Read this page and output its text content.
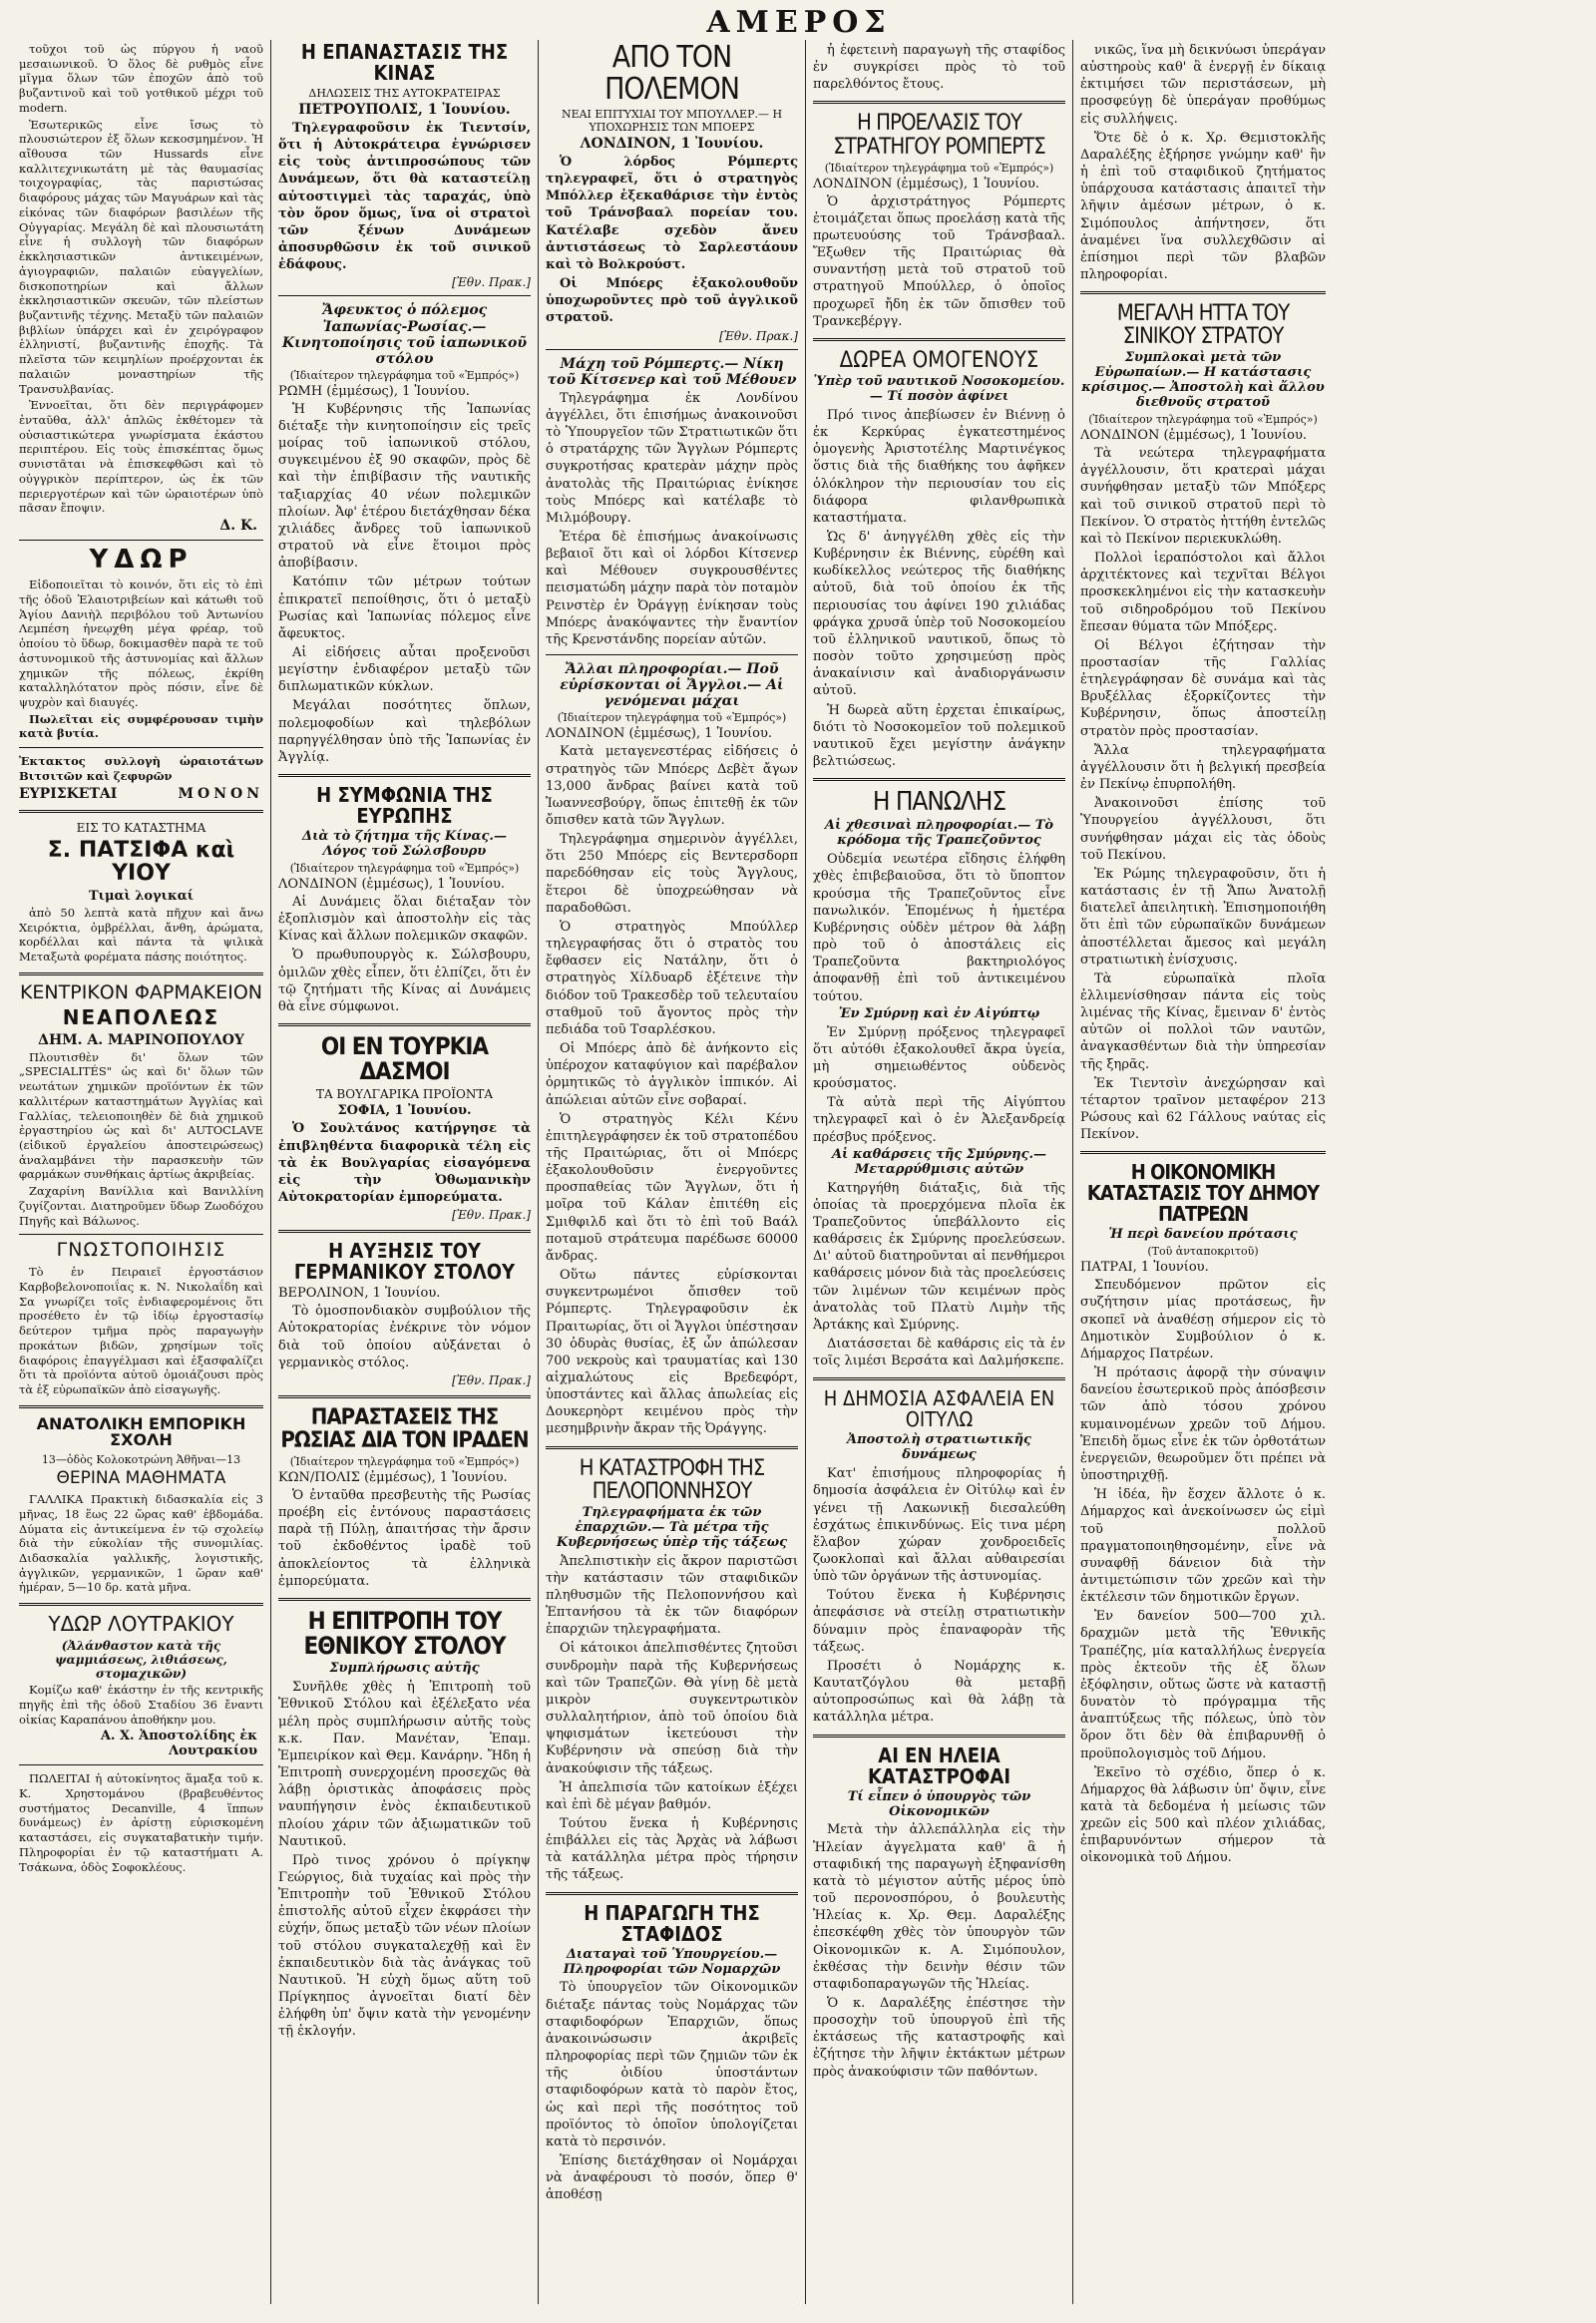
ΑΜΕΡΟΣ

τοῦχοι τοῦ ὡς πύργου ἡ ναοῦ μεσαιωνικοῦ. Ὁ ὅλος δὲ ρυθμὸς εἶνε μῖγμα ὅλων τῶν ἐποχῶν ἀπὸ τοῦ βυζαντινοῦ καὶ τοῦ γοτθικοῦ μέχρι τοῦ modern.

Ἐσωτερικῶς εἶνε ἴσως τὸ πλουσιώτερον ἐξ ὅλων κεκοσμημένον. Ἡ αἴθουσα τῶν Hussards εἶνε καλλιτεχνικωτάτη μὲ τὰς θαυμασίας τοιχογραφίας, τὰς παριστώσας διαφόρους μάχας τῶν Μαγυάρων καὶ τὰς εἰκόνας τῶν διαφόρων βασιλέων τῆς Οὐγγαρίας. Μεγάλη δὲ καὶ πλουσιωτάτη εἶνε ἡ συλλογὴ τῶν διαφόρων ἐκκλησιαστικῶν ἀντικειμένων, ἁγιογραφιῶν, παλαιῶν εὐαγγελίων, δισκοποτηρίων καὶ ἄλλων ἐκκλησιαστικῶν σκευῶν, τῶν πλείστων βυζαντινῆς τέχνης. Μεταξὺ τῶν παλαιῶν βιβλίων ὑπάρχει καὶ ἐν χειρόγραφον ἑλληνιστί, βυζαντινῆς ἐποχῆς. Τὰ πλεῖστα τῶν κειμηλίων προέρχονται ἐκ παλαιῶν μοναστηρίων τῆς Τρανσυλβανίας.

Ἐννοεῖται, ὅτι δὲν περιγράφομεν ἐνταῦθα, ἀλλ' ἁπλῶς ἐκθέτομεν τὰ οὐσιαστικώτερα γνωρίσματα ἑκάστου περιπτέρου. Εἰς τοὺς ἐπισκέπτας ὅμως συνιστᾶται νὰ ἐπισκεφθῶσι καὶ τὸ οὐγγρικὸν περίπτερον, ὡς ἐκ τῶν περιεργοτέρων καὶ τῶν ὡραιοτέρων ὑπὸ πᾶσαν ἔποψιν.

Δ. Κ.
ΥΔΩΡ

Εἰδοποιεῖται τὸ κοινόν, ὅτι εἰς τὸ ἐπὶ τῆς ὁδοῦ Ἐλαιοτριβείων καὶ κάτωθι τοῦ Ἁγίου Δανιὴλ περιβόλου τοῦ Ἀντωνίου Λεμπέση ἠνεῳχθη μέγα φρέαρ, τοῦ ὁποίου τὸ ὕδωρ, δοκιμασθὲν παρὰ τε τοῦ ἀστυνομικοῦ τῆς ἀστυνομίας καὶ ἄλλων χημικῶν τῆς πόλεως, ἐκρίθη καταλληλότατον πρὸς πόσιν, εἶνε δὲ ψυχρὸν καὶ διαυγές.

Πωλεῖται εἰς συμφέρουσαν τιμὴν κατὰ βυτία.

Ἐκτακτος συλλογὴ ὡραιοτάτων Βιτσιτῶν καὶ ζεφυρῶν

ΕΥΡΙΣΚΕΤΑΙ	ΜΟΝΟΝ
ΕΙΣ ΤΟ ΚΑΤΑΣΤΗΜΑ
Σ. ΠΑΤΣΙΦΑ καὶ ΥΙΟΥ
Τιμαὶ λογικαί

ἀπὸ 50 λεπτὰ κατὰ πῆχυν καὶ ἄνω Χειρόκτια, ὀμβρέλλαι, ἄνθη, ἀρώματα, κορδέλλαι καὶ πάντα τὰ ψιλικὰ Μεταξωτὰ φορέματα πάσης ποιότητος.

ΚΕΝΤΡΙΚΟΝ ΦΑΡΜΑΚΕΙΟΝ
ΝΕΑΠΟΛΕΩΣ
ΔΗΜ. Α. ΜΑΡΙΝΟΠΟΥΛΟΥ

Πλουτισθὲν δι' ὅλων τῶν „SPECIALITÉS" ὡς καὶ δι' ὅλων τῶν νεωτάτων χημικῶν προϊόντων ἐκ τῶν καλλιτέρων καταστημάτων Ἀγγλίας καὶ Γαλλίας, τελειοποιηθὲν δὲ διὰ χημικοῦ ἐργαστηρίου ὡς καὶ δι' AUTOCLAVE (εἰδικοῦ ἐργαλείου ἀποστειρώσεως) ἀναλαμβάνει τὴν παρασκευὴν τῶν φαρμάκων συνθήκαις ἀρτίως ἀκριβείας.

Ζαχαρίνη Βανίλλια καὶ Βανιλλίνη ζυγίζονται. Διατηροῦμεν ὕδωρ Ζωοδόχου Πηγῆς καὶ Βάλωνος.

ΓΝΩΣΤΟΠΟΙΗΣΙΣ

Τὸ ἐν Πειραιεῖ ἐργοστάσιον Καρβοβελονοποιΐας κ. Ν. Νικολαΐδη καὶ Σα γνωρίζει τοῖς ἐνδιαφερομένοις ὅτι προσέθετο ἐν τῷ ἰδίῳ ἐργοστασίῳ δεύτερον τμῆμα πρὸς παραγωγὴν προκάτων βιδῶν, χρησίμων τοῖς διαφόροις ἐπαγγέλμασι καὶ ἐξασφαλίζει ὅτι τὰ προϊόντα αὐτοῦ ὁμοιάζουσι πρὸς τὰ ἐξ εὐρωπαϊκῶν ἀπὸ εἰσαγωγῆς.

ΑΝΑΤΟΛΙΚΗ ΕΜΠΟΡΙΚΗ ΣΧΟΛΗ
13—ὁδὸς Κολοκοτρώνη Ἀθῆναι—13
ΘΕΡΙΝΑ ΜΑΘΗΜΑΤΑ

ΓΑΛΛΙΚΑ Πρακτικὴ διδασκαλία εἰς 3 μῆνας, 18 ἕως 22 ὥρας καθ' ἑβδομάδα. Δύματα εἰς ἀντικείμενα ἐν τῷ σχολείῳ διὰ τὴν εὐκολίαν τῆς συνομιλίας. Διδασκαλία γαλλικῆς, λογιστικῆς, ἀγγλικῶν, γερμανικῶν, 1 ὥραν καθ' ἡμέραν, 5—10 δρ. κατὰ μῆνα.

ΥΔΩΡ ΛΟΥΤΡΑΚΙΟΥ
(Ἀλάνθαστον κατὰ τῆς ψαμμιάσεως, λιθιάσεως, στομαχικῶν)

Κομίζω καθ' ἑκάστην ἐν τῆς κεντρικῆς πηγῆς ἐπὶ τῆς ὁδοῦ Σταδίου 36 ἔναντι οἰκίας Καραπάνου ἀποθήκην μου.

Α. Χ. Ἀποστολίδης ἐκ Λουτρακίου

ΠΩΛΕΙΤΑΙ ἡ αὐτοκίνητος ἅμαξα τοῦ κ. Κ. Χρηστομάνου (βραβευθέντος συστήματος Decanville, 4 ἵππων δυνάμεως) ἐν ἀρίστῃ εὑρισκομένη καταστάσει, εἰς συγκαταβατικὴν τιμήν. Πληροφορίαι ἐν τῷ καταστήματι Α. Τσάκωνα, ὁδὸς Σοφοκλέους.

Η ΕΠΑΝΑΣΤΑΣΙΣ ΤΗΣ ΚΙΝΑΣ
ΔΗΛΩΣΕΙΣ ΤΗΣ ΑΥΤΟΚΡΑΤΕΙΡΑΣ
ΠΕΤΡΟΥΠΟΛΙΣ, 1 Ἰουνίου.

Τηλεγραφοῦσιν ἐκ Τιεντσίν, ὅτι ἡ Αὐτοκράτειρα ἐγνώρισεν εἰς τοὺς ἀντιπροσώπους τῶν Δυνάμεων, ὅτι θὰ καταστείλῃ αὐτοστιγμεὶ τὰς ταραχάς, ὑπὸ τὸν ὅρον ὅμως, ἵνα οἱ στρατοὶ τῶν ξένων Δυνάμεων ἀποσυρθῶσιν ἐκ τοῦ σινικοῦ ἐδάφους.

[Ἐθν. Πρακ.]
Ἄφευκτος ὁ πόλεμος Ἰαπωνίας-Ρωσίας.— Κινητοποίησις τοῦ ἰαπωνικοῦ στόλου
(Ἰδιαίτερον τηλεγράφημα τοῦ «Ἐμπρός»)
ΡΩΜΗ (ἐμμέσως), 1 Ἰουνίου.

Ἡ Κυβέρνησις τῆς Ἰαπωνίας διέταξε τὴν κινητοποίησιν εἰς τρεῖς μοίρας τοῦ ἰαπωνικοῦ στόλου, συγκειμένου ἐξ 90 σκαφῶν, πρὸς δὲ καὶ τὴν ἐπιβίβασιν τῆς ναυτικῆς ταξιαρχίας 40 νέων πολεμικῶν πλοίων. Ἀφ' ἑτέρου διετάχθησαν δέκα χιλιάδες ἄνδρες τοῦ ἰαπωνικοῦ στρατοῦ νὰ εἶνε ἕτοιμοι πρὸς ἀποβίβασιν.

Κατόπιν τῶν μέτρων τούτων ἐπικρατεῖ πεποίθησις, ὅτι ὁ μεταξὺ Ρωσίας καὶ Ἰαπωνίας πόλεμος εἶνε ἄφευκτος.

Αἱ εἰδήσεις αὗται προξενοῦσι μεγίστην ἐνδιαφέρον μεταξὺ τῶν διπλωματικῶν κύκλων.

Μεγάλαι ποσότητες ὅπλων, πολεμοφοδίων καὶ τηλεβόλων παρηγγέλθησαν ὑπὸ τῆς Ἰαπωνίας ἐν Ἀγγλίᾳ.

Η ΣΥΜΦΩΝΙΑ ΤΗΣ ΕΥΡΩΠΗΣ
Διὰ τὸ ζήτημα τῆς Κίνας.— Λόγος τοῦ Σώλσβουρυ
(Ἰδιαίτερον τηλεγράφημα τοῦ «Ἐμπρός»)
ΛΟΝΔΙΝΟΝ (ἐμμέσως), 1 Ἰουνίου.

Αἱ Δυνάμεις ὅλαι διέταξαν τὸν ἐξοπλισμὸν καὶ ἀποστολὴν εἰς τὰς Κίνας καὶ ἄλλων πολεμικῶν σκαφῶν.

Ὁ πρωθυπουργὸς κ. Σώλσβουρυ, ὁμιλῶν χθὲς εἶπεν, ὅτι ἐλπίζει, ὅτι ἐν τῷ ζητήματι τῆς Κίνας αἱ Δυνάμεις θὰ εἶνε σύμφωνοι.

ΟΙ ΕΝ ΤΟΥΡΚΙΑ ΔΑΣΜΟΙ
ΤΑ ΒΟΥΛΓΑΡΙΚΑ ΠΡΟΪΟΝΤΑ
ΣΟΦΙΑ, 1 Ἰουνίου.

Ὁ Σουλτάνος κατήργησε τὰ ἐπιβληθέντα διαφορικὰ τέλη εἰς τὰ ἐκ Βουλγαρίας εἰσαγόμενα εἰς τὴν Ὀθωμανικὴν Αὐτοκρατορίαν ἐμπορεύματα.

[Ἐθν. Πρακ.]
Η ΑΥΞΗΣΙΣ ΤΟΥ ΓΕΡΜΑΝΙΚΟΥ ΣΤΟΛΟΥ
ΒΕΡΟΛΙΝΟΝ, 1 Ἰουνίου.

Τὸ ὁμοσπονδιακὸν συμβούλιον τῆς Αὐτοκρατορίας ἐνέκρινε τὸν νόμον διὰ τοῦ ὁποίου αὐξάνεται ὁ γερμανικὸς στόλος.

[Ἐθν. Πρακ.]
ΠΑΡΑΣΤΑΣΕΙΣ ΤΗΣ ΡΩΣΙΑΣ ΔΙΑ ΤΟΝ ΙΡΑΔΕΝ
(Ἰδιαίτερον τηλεγράφημα τοῦ «Ἐμπρός»)
ΚΩΝ/ΠΟΛΙΣ (ἐμμέσως), 1 Ἰουνίου.

Ὁ ἐνταῦθα πρεσβευτὴς τῆς Ρωσίας προέβη εἰς ἐντόνους παραστάσεις παρὰ τῇ Πύλῃ, ἀπαιτήσας τὴν ἄρσιν τοῦ ἐκδοθέντος ἰραδὲ τοῦ ἀποκλείοντος τὰ ἑλληνικὰ ἐμπορεύματα.

Η ΕΠΙΤΡΟΠΗ ΤΟΥ ΕΘΝΙΚΟΥ ΣΤΟΛΟΥ
Συμπλήρωσις αὐτῆς

Συνῆλθε χθὲς ἡ Ἐπιτροπὴ τοῦ Ἐθνικοῦ Στόλου καὶ ἐξέλεξατο νέα μέλη πρὸς συμπλήρωσιν αὐτῆς τοὺς κ.κ. Παν. Μανέταν, Ἐπαμ. Ἐμπειρίκον καὶ Θεμ. Κανάρην. Ἤδη ἡ Ἐπιτροπὴ συνερχομένη προσεχῶς θὰ λάβῃ ὁριστικὰς ἀποφάσεις πρὸς ναυπήγησιν ἐνὸς ἐκπαιδευτικοῦ πλοίου χάριν τῶν ἀξιωματικῶν τοῦ Ναυτικοῦ.

Πρὸ τινος χρόνου ὁ πρίγκηψ Γεώργιος, διὰ τυχαίας καὶ πρὸς τὴν Ἐπιτροπὴν τοῦ Ἐθνικοῦ Στόλου ἐπιστολῆς αὐτοῦ εἶχεν ἐκφράσει τὴν εὐχήν, ὅπως μεταξὺ τῶν νέων πλοίων τοῦ στόλου συγκαταλεχθῇ καὶ ἓν ἐκπαιδευτικὸν διὰ τὰς ἀνάγκας τοῦ Ναυτικοῦ. Ἡ εὐχὴ ὅμως αὕτη τοῦ Πρίγκηπος ἀγνοεῖται διατί δὲν ἐλήφθη ὑπ' ὄψιν κατὰ τὴν γενομένην τῇ ἐκλογήν.

ΑΠΟ ΤΟΝ ΠΟΛΕΜΟΝ
ΝΕΑΙ ΕΠΙΤΥΧΙΑΙ ΤΟΥ ΜΠΟΥΛΛΕΡ.— Η ΥΠΟΧΩΡΗΣΙΣ ΤΩΝ ΜΠΟΕΡΣ
ΛΟΝΔΙΝΟΝ, 1 Ἰουνίου.

Ὁ λόρδος Ρόμπερτς τηλεγραφεῖ, ὅτι ὁ στρατηγὸς Μπόλλερ ἐξεκαθάρισε τὴν ἐντὸς τοῦ Τράνσβααλ πορείαν του. Κατέλαβε σχεδὸν ἄνευ ἀντιστάσεως τὸ Σαρλεστάουν καὶ τὸ Βολκρούστ.

Οἱ Μπόερς ἐξακολουθοῦν ὑποχωροῦντες πρὸ τοῦ ἀγγλικοῦ στρατοῦ.

[Ἐθν. Πρακ.]
Μάχη τοῦ Ρόμπερτς.— Νίκη τοῦ Κίτσενερ καὶ τοῦ Μέθουεν

Τηλεγράφημα ἐκ Λονδίνου ἀγγέλλει, ὅτι ἐπισήμως ἀνακοινοῦσι τὸ Ὑπουργεῖον τῶν Στρατιωτικῶν ὅτι ὁ στρατάρχης τῶν Ἄγγλων Ρόμπερτς συγκροτήσας κρατερὰν μάχην πρὸς ἀνατολὰς τῆς Πραιτώριας ἐνίκησε τοὺς Μπόερς καὶ κατέλαβε τὸ Μιλμόβουργ.

Ἑτέρα δὲ ἐπισήμως ἀνακοίνωσις βεβαιοῖ ὅτι καὶ οἱ λόρδοι Κίτσενερ καὶ Μέθουεν συγκρουσθέντες πεισματώδη μάχην παρὰ τὸν ποταμὸν Ρεινστὲρ ἐν Ὀράγγῃ ἐνίκησαν τοὺς Μπόερς ἀνακόψαντες τὴν ἔναντίον τῆς Κρενστάνδης πορείαν αὐτῶν.

Ἄλλαι πληροφορίαι.— Ποῦ εὑρίσκονται οἱ Ἄγγλοι.— Αἱ γενόμεναι μάχαι
(Ἰδιαίτερον τηλεγράφημα τοῦ «Ἐμπρός»)
ΛΟΝΔΙΝΟΝ (ἐμμέσως), 1 Ἰουνίου.

Κατὰ μεταγενεστέρας εἰδήσεις ὁ στρατηγὸς τῶν Μπόερς Δεβὲτ ἄγων 13,000 ἄνδρας βαίνει κατὰ τοῦ Ἰωαννεσβούργ, ὅπως ἐπιτεθῇ ἐκ τῶν ὄπισθεν κατὰ τῶν Ἄγγλων.

Τηλεγράφημα σημερινὸν ἀγγέλλει, ὅτι 250 Μπόερς εἰς Βεντερσδορπ παρεδόθησαν εἰς τοὺς Ἄγγλους, ἕτεροι δὲ ὑποχρεώθησαν νὰ παραδοθῶσι.

Ὁ στρατηγὸς Μπούλλερ τηλεγραφήσας ὅτι ὁ στρατὸς του ἔφθασεν εἰς Νατάλην, ὅτι ὁ στρατηγὸς Χίλδυαρδ ἐξέτεινε τὴν διόδον τοῦ Τρακεσδὲρ τοῦ τελευταίου σταθμοῦ τοῦ ἄγοντος πρὸς τὴν πεδιάδα τοῦ Τσαρλέσκου.

Οἱ Μπόερς ἀπὸ δὲ ἀνήκοντο εἰς ὑπέροχον καταφύγιον καὶ παρέβαλον ὀρμητικῶς τὸ ἀγγλικὸν ἱππικόν. Αἱ ἀπώλειαι αὐτῶν εἶνε σοβαραί.

Ὁ στρατηγὸς Κέλι Κένυ ἐπιτηλεγράφησεν ἐκ τοῦ στρατοπέδου τῆς Πραιτώριας, ὅτι οἱ Μπόερς ἐξακολουθοῦσιν ἐνεργοῦντες προσπαθείας τῶν Ἄγγλων, ὅτι ἡ μοῖρα τοῦ Κάλαν ἐπιτέθη εἰς Σμιθφιλδ καὶ ὅτι τὸ ἐπὶ τοῦ Βαάλ ποταμοῦ στράτευμα παρέδωσε 60000 ἄνδρας.

Οὕτω πάντες εὑρίσκονται συγκεντρωμένοι ὄπισθεν τοῦ Ρόμπερτς. Τηλεγραφοῦσιν ἐκ Πραιτωρίας, ὅτι οἱ Ἄγγλοι ὑπέστησαν 30 ὀδυρὰς θυσίας, ἐξ ὧν ἀπώλεσαν 700 νεκροὺς καὶ τραυματίας καὶ 130 αἰχμαλώτους εἰς Βρεδεφόρτ, ὑποστάντες καὶ ἄλλας ἀπωλείας εἰς Δουκερηὸρτ κειμένου πρὸς τὴν μεσημβρινὴν ἄκραν τῆς Ὀράγγης.

Η ΚΑΤΑΣΤΡΟΦΗ ΤΗΣ ΠΕΛΟΠΟΝΝΗΣΟΥ
Τηλεγραφήματα ἐκ τῶν ἐπαρχιῶν.— Τὰ μέτρα τῆς Κυβερνήσεως ὑπὲρ τῆς τάξεως

Ἀπελπιστικὴν εἰς ἄκρον παριστῶσι τὴν κατάστασιν τῶν σταφιδικῶν πληθυσμῶν τῆς Πελοποννήσου καὶ Ἑπτανήσου τὰ ἐκ τῶν διαφόρων ἐπαρχιῶν τηλεγραφήματα.

Οἱ κάτοικοι ἀπελπισθέντες ζητοῦσι συνδρομὴν παρὰ τῆς Κυβερνήσεως καὶ τῶν Τραπεζῶν. Θὰ γίνῃ δὲ μετὰ μικρὸν συγκεντρωτικὸν συλλαλητήριον, ἀπὸ τοῦ ὁποίου διὰ ψηφισμάτων ἱκετεύουσι τὴν Κυβέρνησιν νὰ σπεύσῃ διὰ τὴν ἀνακούφισιν τῆς τάξεως.

Ἡ ἀπελπισία τῶν κατοίκων ἐξέχει καὶ ἐπὶ δὲ μέγαν βαθμόν.

Τούτου ἕνεκα ἡ Κυβέρνησις ἐπιβάλλει εἰς τὰς Ἀρχὰς νὰ λάβωσι τὰ κατάλληλα μέτρα πρὸς τήρησιν τῆς τάξεως.

Η ΠΑΡΑΓΩΓΗ ΤΗΣ ΣΤΑΦΙΔΟΣ
Διαταγαὶ τοῦ Ὑπουργείου.— Πληροφορίαι τῶν Νομαρχῶν

Τὸ ὑπουργεῖον τῶν Οἰκονομικῶν διέταξε πάντας τοὺς Νομάρχας τῶν σταφιδοφόρων Ἐπαρχιῶν, ὅπως ἀνακοινώσωσιν ἀκριβεῖς πληροφορίας περὶ τῶν ζημιῶν τῶν ἐκ τῆς ὀιδίου ὑποστάντων σταφιδοφόρων κατὰ τὸ παρὸν ἔτος, ὡς καὶ περὶ τῆς ποσότητος τοῦ προϊόντος τὸ ὁποῖον ὑπολογίζεται κατὰ τὸ περσινόν.

Ἐπίσης διετάχθησαν οἱ Νομάρχαι νὰ ἀναφέρουσι τὸ ποσόν, ὅπερ θ' ἀποθέσῃ

ἡ ἐφετεινὴ παραγωγὴ τῆς σταφίδος ἐν συγκρίσει πρὸς τὸ τοῦ παρελθόντος ἔτους.

Η ΠΡΟΕΛΑΣΙΣ ΤΟΥ ΣΤΡΑΤΗΓΟΥ ΡΟΜΠΕΡΤΣ
(Ἰδιαίτερον τηλεγράφημα τοῦ «Ἐμπρός»)
ΛΟΝΔΙΝΟΝ (ἐμμέσως), 1 Ἰουνίου.

Ὁ ἀρχιστράτηγος Ρόμπερτς ἑτοιμάζεται ὅπως προελάσῃ κατὰ τῆς πρωτευούσης τοῦ Τράνσβααλ. Ἔξωθεν τῆς Πραιτώριας θὰ συναντήσῃ μετὰ τοῦ στρατοῦ τοῦ στρατηγοῦ Μπούλλερ, ὁ ὁποῖος προχωρεῖ ἤδη ἐκ τῶν ὄπισθεν τοῦ Τρανκεβέργγ.

ΔΩΡΕΑ ΟΜΟΓΕΝΟΥΣ
Ὑπὲρ τοῦ ναυτικοῦ Νοσοκομείου.— Τί ποσὸν ἀφίνει

Πρό τινος ἀπεβίωσεν ἐν Βιέννῃ ὁ ἐκ Κερκύρας ἐγκατεστημένος ὁμογενὴς Ἀριστοτέλης Μαρτινέγκος ὅστις διὰ τῆς διαθήκης του ἀφῆκεν ὁλόκληρον τὴν περιουσίαν του εἰς διάφορα φιλανθρωπικὰ καταστήματα.

Ὡς δ' ἀνηγγέλθη χθὲς εἰς τὴν Κυβέρνησιν ἐκ Βιέννης, εὑρέθη καὶ κωδίκελλος νεώτερος τῆς διαθήκης αὐτοῦ, διὰ τοῦ ὁποίου ἐκ τῆς περιουσίας του ἀφίνει 190 χιλιάδας φράγκα χρυσᾶ ὑπὲρ τοῦ Νοσοκομείου τοῦ ἑλληνικοῦ ναυτικοῦ, ὅπως τὸ ποσὸν τοῦτο χρησιμεύσῃ πρὸς ἀνακαίνισιν καὶ ἀναδιοργάνωσιν αὐτοῦ.

Ἡ δωρεὰ αὕτη ἐρχεται ἐπικαίρως, διότι τὸ Νοσοκομεῖον τοῦ πολεμικοῦ ναυτικοῦ ἔχει μεγίστην ἀνάγκην βελτιώσεως.

Η ΠΑΝΩΛΗΣ
Αἱ χθεσιναὶ πληροφορίαι.— Τὸ κρόδομα τῆς Τραπεζοῦντος

Οὐδεμία νεωτέρα εἴδησις ἐλήφθη χθὲς ἐπιβεβαιοῦσα, ὅτι τὸ ὕποπτον κρούσμα τῆς Τραπεζοῦντος εἶνε πανωλικόν. Ἐπομένως ἡ ἡμετέρα Κυβέρνησις οὐδὲν μέτρον θὰ λάβῃ πρὸ τοῦ ὁ ἀποστάλεις εἰς Τραπεζοῦντα βακτηριολόγος ἀποφανθῇ ἐπὶ τοῦ ἀντικειμένου τούτου.

Ἐν Σμύρνῃ καὶ ἐν Αἰγύπτῳ

Ἐν Σμύρνῃ πρόξενος τηλεγραφεῖ ὅτι αὐτόθι ἐξακολουθεῖ ἄκρα ὑγεία, μὴ σημειωθέντος οὐδενὸς κρούσματος.

Τὰ αὐτὰ περὶ τῆς Αἰγύπτου τηλεγραφεῖ καὶ ὁ ἐν Ἀλεξανδρείᾳ πρέσβυς πρόξενος.

Αἱ καθάρσεις τῆς Σμύρνης.— Μεταρρύθμισις αὐτῶν

Κατηργήθη διάταξις, διὰ τῆς ὁποίας τὰ προερχόμενα πλοῖα ἐκ Τραπεζοῦντος ὑπεβάλλοντο εἰς καθάρσεις ἐκ Σμύρνης προελεύσεων. Δι' αὐτοῦ διατηροῦνται αἱ πενθήμεροι καθάρσεις μόνον διὰ τὰς προελεύσεις τῶν λιμένων τῶν κειμένων πρὸς ἀνατολὰς τοῦ Πλατὺ Λιμὴν τῆς Ἀρτάκης καὶ Σμύρνης.

Διατάσσεται δὲ καθάρσις εἰς τὰ ἐν τοῖς λιμέσι Βερσάτα καὶ Δαλμήσκεπε.

Η ΔΗΜΟΣΙΑ ΑΣΦΑΛΕΙΑ ΕΝ ΟΙΤΥΛΩ
Ἀποστολὴ στρατιωτικῆς δυνάμεως

Κατ' ἐπισήμους πληροφορίας ἡ δημοσία ἀσφάλεια ἐν Οἰτύλῳ καὶ ἐν γένει τῇ Λακωνικῇ διεσαλεύθη ἐσχάτως ἐπικινδύνως. Εἰς τινα μέρη ἔλαβον χώραν χονδροειδεῖς ζωοκλοπαὶ καὶ ἄλλαι αὐθαιρεσίαι ὑπὸ τῶν ὀργάνων τῆς ἀστυνομίας.

Τούτου ἕνεκα ἡ Κυβέρνησις ἀπεφάσισε νὰ στείλῃ στρατιωτικὴν δύναμιν πρὸς ἐπαναφορὰν τῆς τάξεως.

Προσέτι ὁ Νομάρχης κ. Καυτατζόγλου θὰ μεταβῇ αὐτοπροσώπως καὶ θὰ λάβῃ τὰ κατάλληλα μέτρα.

ΑΙ ΕΝ ΗΛΕΙΑ ΚΑΤΑΣΤΡΟΦΑΙ
Τί εἶπεν ὁ ὑπουργὸς τῶν Οἰκονομικῶν

Μετὰ τὴν ἀλλεπάλληλα εἰς τὴν Ἠλείαν ἀγγελματα καθ' ἃ ἡ σταφιδική της παραγωγὴ ἐξηφανίσθη κατὰ τὸ μέγιστον αὐτῆς μέρος ὑπὸ τοῦ περονοσπόρου, ὁ βουλευτὴς Ἠλείας κ. Χρ. Θεμ. Δαραλέξης ἐπεσκέφθη χθὲς τὸν ὑπουργὸν τῶν Οἰκονομικῶν κ. Α. Σιμόπουλον, ἐκθέσας τὴν δεινὴν θέσιν τῶν σταφιδοπαραγωγῶν τῆς Ἠλείας.

Ὁ κ. Δαραλέξης ἐπέστησε τὴν προσοχὴν τοῦ ὑπουργοῦ ἐπὶ τῆς ἐκτάσεως τῆς καταστροφῆς καὶ ἐζήτησε τὴν λῆψιν ἐκτάκτων μέτρων πρὸς ἀνακούφισιν τῶν παθόντων.

νικῶς, ἵνα μὴ δεικνύωσι ὑπεράγαν αὐστηροὺς καθ' ἃ ἐνεργῇ ἐν δίκαιᾳ ἐκτιμήσει τῶν περιστάσεων, μὴ προσφεύγῃ δὲ ὑπεράγαν προθύμως εἰς συλλήψεις.

Ὅτε δὲ ὁ κ. Χρ. Θεμιστοκλῆς Δαραλέξης ἐξήρησε γνώμην καθ' ἣν ἡ ἐπὶ τοῦ σταφιδικοῦ ζητήματος ὑπάρχουσα κατάστασις ἀπαιτεῖ τὴν λῆψιν ἀμέσων μέτρων, ὁ κ. Σιμόπουλος ἀπήντησεν, ὅτι ἀναμένει ἵνα συλλεχθῶσιν αἱ ἐπίσημοι περὶ τῶν βλαβῶν πληροφορίαι.

ΜΕΓΑΛΗ ΗΤΤΑ ΤΟΥ ΣΙΝΙΚΟΥ ΣΤΡΑΤΟΥ
Συμπλοκαὶ μετὰ τῶν Εὐρωπαίων.— Η κατάστασις κρίσιμος.— Ἀποστολὴ καὶ ἄλλου διεθνοῦς στρατοῦ
(Ἰδιαίτερον τηλεγράφημα τοῦ «Ἐμπρός»)
ΛΟΝΔΙΝΟΝ (ἐμμέσως), 1 Ἰουνίου.

Τὰ νεώτερα τηλεγραφήματα ἀγγέλλουσιν, ὅτι κρατεραὶ μάχαι συνήφθησαν μεταξὺ τῶν Μπόξερς καὶ τοῦ σινικοῦ στρατοῦ περὶ τὸ Πεκίνον. Ὁ στρατὸς ἠττήθη ἐντελῶς καὶ τὸ Πεκίνον περιεκυκλώθη.

Πολλοὶ ἱεραπόστολοι καὶ ἄλλοι ἀρχιτέκτονες καὶ τεχνῖται Βέλγοι προσκεκλημένοι εἰς τὴν κατασκευὴν τοῦ σιδηροδρόμου τοῦ Πεκίνου ἔπεσαν θύματα τῶν Μπόξερς.

Οἱ Βέλγοι ἐζήτησαν τὴν προστασίαν τῆς Γαλλίας ἐτηλεγράφησαν δὲ συνάμα καὶ τὰς Βρυξέλλας ἐξορκίζοντες τὴν Κυβέρνησιν, ὅπως ἀποστείλῃ στρατὸν πρὸς προστασίαν.

Ἄλλα τηλεγραφήματα ἀγγέλλουσιν ὅτι ἡ βελγική πρεσβεία ἐν Πεκίνῳ ἐπυρπολήθη.

Ἀνακοινοῦσι ἐπίσης τοῦ Ὑπουργείου ἀγγέλλουσι, ὅτι συνήφθησαν μάχαι εἰς τὰς ὁδοὺς τοῦ Πεκίνου.

Ἐκ Ρώμης τηλεγραφοῦσιν, ὅτι ἡ κατάστασις ἐν τῇ Ἄπω Ἀνατολῇ διατελεῖ ἀπειλητικὴ. Ἐπισημοποιήθη ὅτι ἐπὶ τῶν εὐρωπαϊκῶν δυνάμεων ἀποστέλλεται ἄμεσος καὶ μεγάλη στρατιωτικὴ ἐνίσχυσις.

Τὰ εὐρωπαϊκὰ πλοῖα ἐλλιμενίσθησαν πάντα εἰς τοὺς λιμένας τῆς Κίνας, ἔμειναν δ' ἐντὸς αὐτῶν οἱ πολλοὶ τῶν ναυτῶν, ἀναγκασθέντων διὰ τὴν ὑπηρεσίαν τῆς ξηρᾶς.

Ἐκ Τιεντσὶν ἀνεχώρησαν καὶ τέταρτον τραῖνον μεταφέρον 213 Ρώσους καὶ 62 Γάλλους ναύτας εἰς Πεκίνον.

Η ΟΙΚΟΝΟΜΙΚΗ ΚΑΤΑΣΤΑΣΙΣ ΤΟΥ ΔΗΜΟΥ ΠΑΤΡΕΩΝ
Ἡ περὶ δανείου πρότασις
(Τοῦ ἀνταποκριτοῦ)
ΠΑΤΡΑΙ, 1 Ἰουνίου.

Σπευδόμενον πρῶτον εἰς συζήτησιν μίας προτάσεως, ἢν σκοπεῖ νὰ ἀναθέσῃ σήμερον εἰς τὸ Δημοτικὸν Συμβούλιον ὁ κ. Δήμαρχος Πατρέων.

Ἡ πρότασις ἀφορᾷ τὴν σύναψιν δανείου ἐσωτερικοῦ πρὸς ἀπόσβεσιν τῶν ἀπὸ τόσου χρόνου κυμαινομένων χρεῶν τοῦ Δήμου. Ἐπειδὴ ὅμως εἶνε ἐκ τῶν ὀρθοτάτων ἐνεργειῶν, θεωροῦμεν ὅτι πρέπει νὰ ὑποστηριχθῇ.

Ἡ ἰδέα, ἣν ἔσχεν ἄλλοτε ὁ κ. Δήμαρχος καὶ ἀνεκοίνωσεν ὡς εἰμὶ τοῦ πολλοῦ πραγματοποιηθησομένην, εἶνε νὰ συναφθῇ δάνειον διὰ τὴν ἀντιμετώπισιν τῶν χρεῶν καὶ τὴν ἐκτέλεσιν τῶν δημοτικῶν ἔργων.

Ἐν δανείον 500—700 χιλ. δραχμῶν μετὰ τῆς Ἐθνικῆς Τραπέζης, μία καταλλήλως ἐνεργεία πρὸς ἐκτεοῦν τῆς ἐξ ὅλων ἐξόφλησιν, οὕτως ὥστε νὰ καταστῇ δυνατὸν τὸ πρόγραμμα τῆς ἀναπτύξεως τῆς πόλεως, ὑπὸ τὸν ὅρον ὅτι δὲν θὰ ἐπιβαρυνθῇ ὁ προϋπολογισμὸς τοῦ Δήμου.

Ἐκεῖνο τὸ σχέδιο, ὅπερ ὁ κ. Δήμαρχος θὰ λάβωσιν ὑπ' ὄψιν, εἶνε κατὰ τὰ δεδομένα ἡ μείωσις τῶν χρεῶν εἰς 500 καὶ πλέον χιλιάδας, ἐπιβαρυνόντων σήμερον τὰ οἰκονομικὰ τοῦ Δήμου.
